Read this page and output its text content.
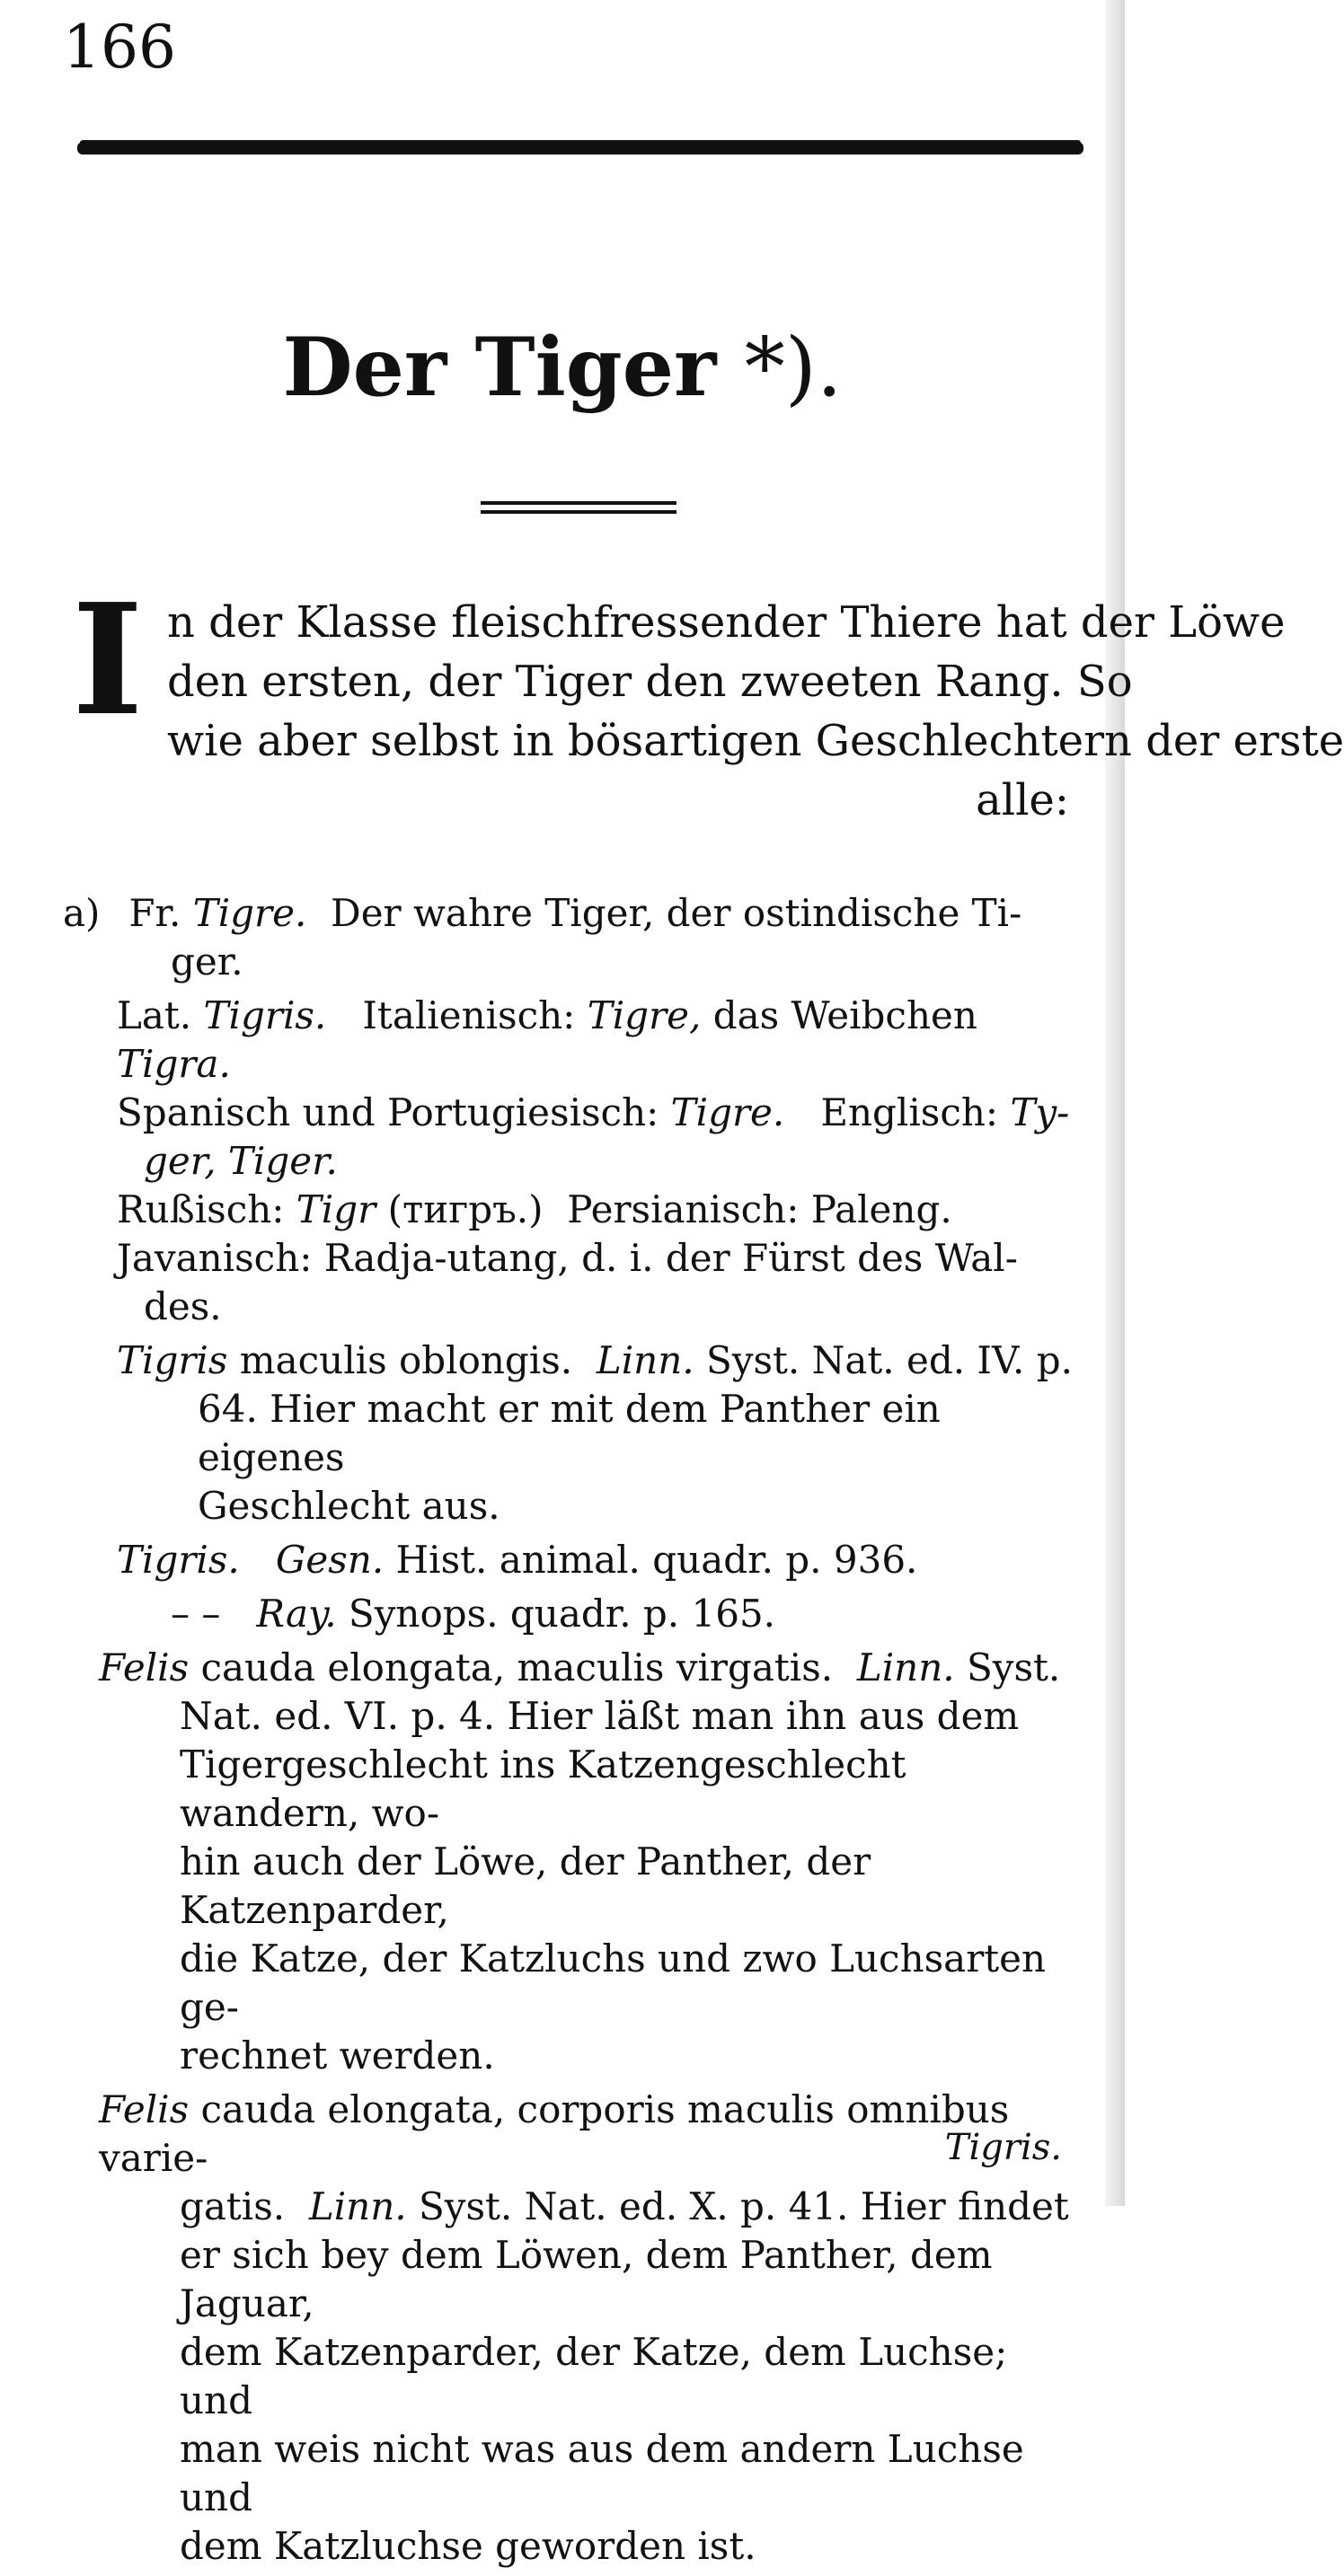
166
Der Tiger *).
I n der Klasse fleischfressender Thiere hat der Löwe
den ersten, der Tiger den zweeten Rang. So
wie aber selbst in bösartigen Geschlechtern der erste
alle:
a) Fr. Tigre. Der wahre Tiger, der ostindische Ti-
ger.
Lat. Tigris. Italienisch: Tigre, das Weibchen Tigra.
Spanisch und Portugiesisch: Tigre. Englisch: Ty-
ger, Tiger.
Rußisch: Tigr (тигръ.) Persianisch: Paleng.
Javanisch: Radja-utang, d. i. der Fürst des Wal-
des.
Tigris maculis oblongis. Linn. Syst. Nat. ed. IV. p.
64. Hier macht er mit dem Panther ein eigenes
Geschlecht aus.
Tigris. Gesn. Hist. animal. quadr. p. 936.
– – Ray. Synops. quadr. p. 165.
Felis cauda elongata, maculis virgatis. Linn. Syst.
Nat. ed. VI. p. 4. Hier läßt man ihn aus dem
Tigergeschlecht ins Katzengeschlecht wandern, wo-
hin auch der Löwe, der Panther, der Katzenparder,
die Katze, der Katzluchs und zwo Luchsarten ge-
rechnet werden.
Felis cauda elongata, corporis maculis omnibus varie-
gatis. Linn. Syst. Nat. ed. X. p. 41. Hier findet
er sich bey dem Löwen, dem Panther, dem Jaguar,
dem Katzenparder, der Katze, dem Luchse; und
man weis nicht was aus dem andern Luchse und
dem Katzluchse geworden ist.
Tigris.
